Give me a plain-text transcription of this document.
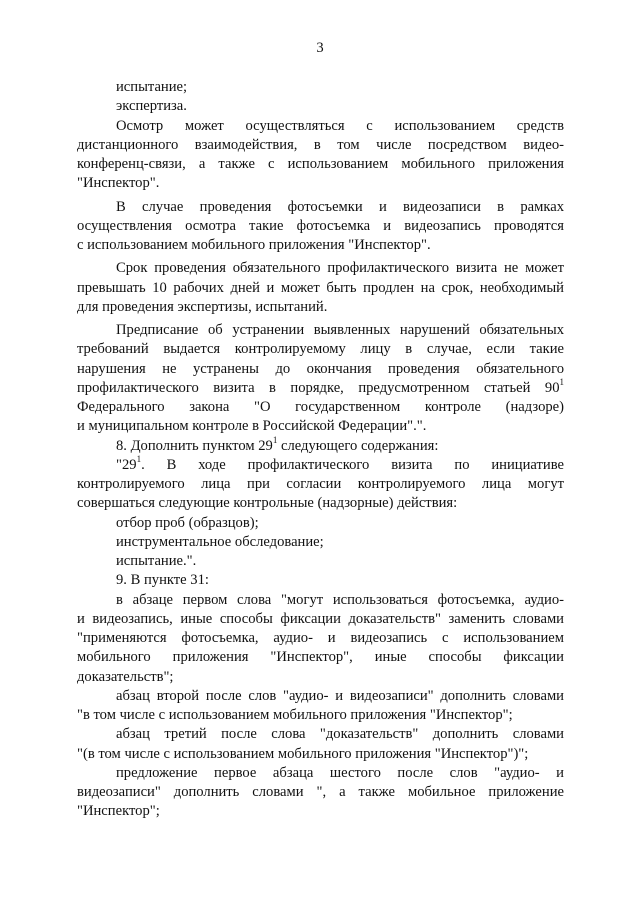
3
испытание;
экспертиза.
Осмотр может осуществляться с использованием средств
дистанционного взаимодействия, в том числе посредством видео-
конференц-связи, а также с использованием мобильного приложения
"Инспектор".
В случае проведения фотосъемки и видеозаписи в рамках
осуществления осмотра такие фотосъемка и видеозапись проводятся
с использованием мобильного приложения "Инспектор".
Срок проведения обязательного профилактического визита не может
превышать 10 рабочих дней и может быть продлен на срок, необходимый
для проведения экспертизы, испытаний.
Предписание об устранении выявленных нарушений обязательных
требований выдается контролируемому лицу в случае, если такие
нарушения не устранены до окончания проведения обязательного
профилактического визита в порядке, предусмотренном статьей $90^1$
Федерального закона "О государственном контроле (надзоре)
и муниципальном контроле в Российской Федерации".".
8. Дополнить пунктом $29^1$ следующего содержания:
"$29^1$. В ходе профилактического визита по инициативе
контролируемого лица при согласии контролируемого лица могут
совершаться следующие контрольные (надзорные) действия:
отбор проб (образцов);
инструментальное обследование;
испытание.".
9. В пункте 31:
в абзаце первом слова "могут использоваться фотосъемка, аудио-
и видеозапись, иные способы фиксации доказательств" заменить словами
"применяются фотосъемка, аудио- и видеозапись с использованием
мобильного приложения "Инспектор", иные способы фиксации
доказательств";
абзац второй после слов "аудио- и видеозаписи" дополнить словами
"в том числе с использованием мобильного приложения "Инспектор";
абзац третий после слова "доказательств" дополнить словами
"(в том числе с использованием мобильного приложения "Инспектор")";
предложение первое абзаца шестого после слов "аудио- и
видеозаписи" дополнить словами ", а также мобильное приложение
"Инспектор";
